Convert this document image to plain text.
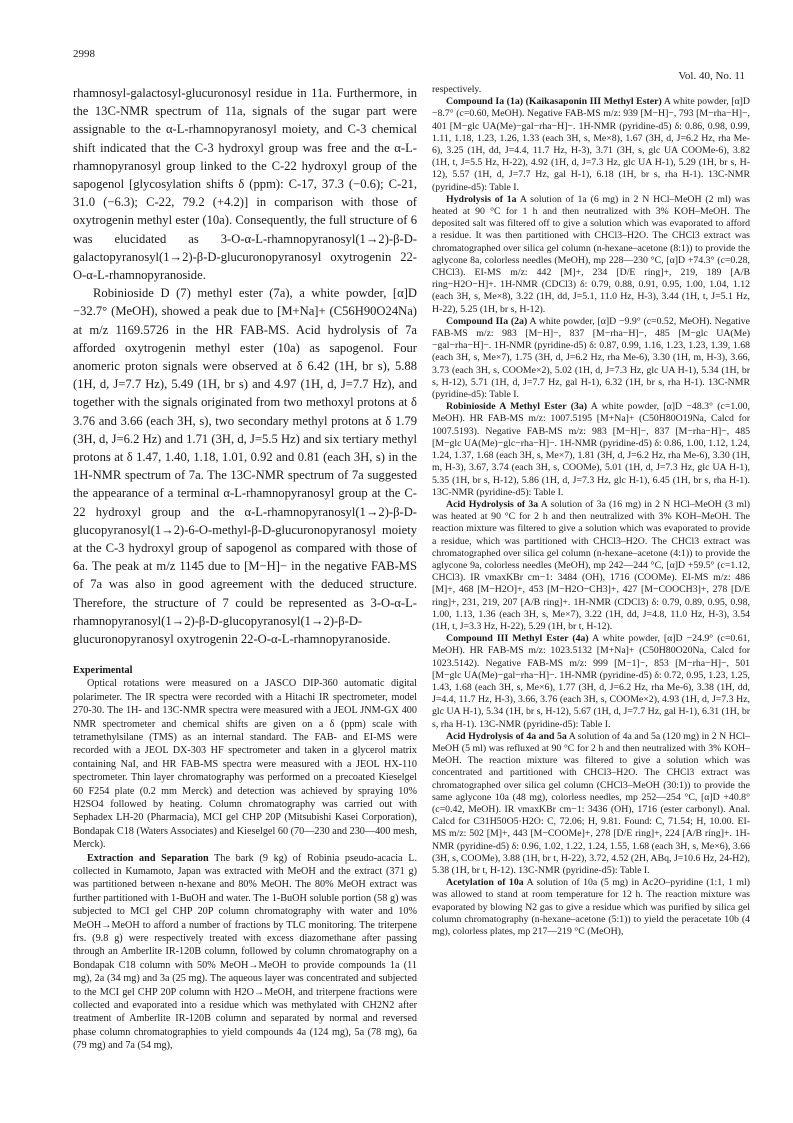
2998
Vol. 40, No. 11

rhamnosyl-galactosyl-glucuronosyl residue in 11a. Furthermore, in the 13C-NMR spectrum of 11a, signals of the sugar part were assignable to the α-L-rhamnopyranosyl moiety, and C-3 chemical shift indicated that the C-3 hydroxyl group was free and the α-L-rhamnopyranosyl group linked to the C-22 hydroxyl group of the sapogenol [glycosylation shifts δ (ppm): C-17, 37.3 (−0.6); C-21, 31.0 (−6.3); C-22, 79.2 (+4.2)] in comparison with those of oxytrogenin methyl ester (10a). Consequently, the full structure of 6 was elucidated as 3-O-α-L-rhamnopyranosyl(1→2)-β-D-galactopyranosyl(1→2)-β-D-glucuronopyranosyl oxytrogenin 22-O-α-L-rhamnopyranoside.

Robinioside D (7) methyl ester (7a), a white powder, [α]D −32.7° (MeOH), showed a peak due to [M+Na]+ (C56H90O24Na) at m/z 1169.5726 in the HR FAB-MS. Acid hydrolysis of 7a afforded oxytrogenin methyl ester (10a) as sapogenol. Four anomeric proton signals were observed at δ 6.42 (1H, br s), 5.88 (1H, d, J=7.7 Hz), 5.49 (1H, br s) and 4.97 (1H, d, J=7.7 Hz), and together with the signals originated from two methoxyl protons at δ 3.76 and 3.66 (each 3H, s), two secondary methyl protons at δ 1.79 (3H, d, J=6.2 Hz) and 1.71 (3H, d, J=5.5 Hz) and six tertiary methyl protons at δ 1.47, 1.40, 1.18, 1.01, 0.92 and 0.81 (each 3H, s) in the 1H-NMR spectrum of 7a. The 13C-NMR spectrum of 7a suggested the appearance of a terminal α-L-rhamnopyranosyl group at the C-22 hydroxyl group and the α-L-rhamnopyranosyl(1→2)-β-D-glucopyranosyl(1→2)-6-O-methyl-β-D-glucuronopyranosyl moiety at the C-3 hydroxyl group of sapogenol as compared with those of 6a. The peak at m/z 1145 due to [M−H]− in the negative FAB-MS of 7a was also in good agreement with the deduced structure. Therefore, the structure of 7 could be represented as 3-O-α-L-rhamnopyranosyl(1→2)-β-D-glucopyranosyl(1→2)-β-D-glucuronopyranosyl oxytrogenin 22-O-α-L-rhamnopyranoside.

Experimental

Optical rotations were measured on a JASCO DIP-360 automatic digital polarimeter. The IR spectra were recorded with a Hitachi IR spectrometer, model 270-30. The 1H- and 13C-NMR spectra were measured with a JEOL JNM-GX 400 NMR spectrometer and chemical shifts are given on a δ (ppm) scale with tetramethylsilane (TMS) as an internal standard. The FAB- and EI-MS were recorded with a JEOL DX-303 HF spectrometer and taken in a glycerol matrix containing NaI, and HR FAB-MS spectra were measured with a JEOL HX-110 spectrometer. Thin layer chromatography was performed on a precoated Kieselgel 60 F254 plate (0.2 mm Merck) and detection was achieved by spraying 10% H2SO4 followed by heating. Column chromatography was carried out with Sephadex LH-20 (Pharmacia), MCI gel CHP 20P (Mitsubishi Kasei Corporation), Bondapak C18 (Waters Associates) and Kieselgel 60 (70—230 and 230—400 mesh, Merck).

Extraction and Separation The bark (9 kg) of Robinia pseudo-acacia L. collected in Kumamoto, Japan was extracted with MeOH and the extract (371 g) was partitioned between n-hexane and 80% MeOH. The 80% MeOH extract was further partitioned with 1-BuOH and water. The 1-BuOH soluble portion (58 g) was subjected to MCI gel CHP 20P column chromatography with water and 10% MeOH→MeOH to afford a number of fractions by TLC monitoring. The triterpene frs. (9.8 g) were respectively treated with excess diazomethane after passing through an Amberlite IR-120B column, followed by column chromatography on a Bondapak C18 column with 50% MeOH→MeOH to provide compounds 1a (11 mg), 2a (34 mg) and 3a (25 mg). The aqueous layer was concentrated and subjected to the MCI gel CHP 20P column with H2O→MeOH, and triterpene fractions were collected and evaporated into a residue which was methylated with CH2N2 after treatment of Amberlite IR-120B column and separated by normal and reversed phase column chromatographies to yield compounds 4a (124 mg), 5a (78 mg), 6a (79 mg) and 7a (54 mg),

respectively.

Compound Ia (1a) (Kaikasaponin III Methyl Ester) A white powder, [α]D −8.7° (c=0.60, MeOH). Negative FAB-MS m/z: 939 [M−H]−, 793 [M−rha−H]−, 401 [M−glc UA(Me)−gal−rha−H]−. 1H-NMR (pyridine-d5) δ: 0.86, 0.98, 0.99, 1.11, 1.18, 1.23, 1.26, 1.33 (each 3H, s, Me×8), 1.67 (3H, d, J=6.2 Hz, rha Me-6), 3.25 (1H, dd, J=4.4, 11.7 Hz, H-3), 3.71 (3H, s, glc UA COOMe-6), 3.82 (1H, t, J=5.5 Hz, H-22), 4.92 (1H, d, J=7.3 Hz, glc UA H-1), 5.29 (1H, br s, H-12), 5.57 (1H, d, J=7.7 Hz, gal H-1), 6.18 (1H, br s, rha H-1). 13C-NMR (pyridine-d5): Table I.

Hydrolysis of 1a A solution of 1a (6 mg) in 2 N HCl–MeOH (2 ml) was heated at 90 °C for 1 h and then neutralized with 3% KOH–MeOH. The deposited salt was filtered off to give a solution which was evaporated to afford a residue. It was then partitioned with CHCl3–H2O. The CHCl3 extract was chromatographed over silica gel column (n-hexane–acetone (8:1)) to provide the aglycone 8a, colorless needles (MeOH), mp 228—230 °C, [α]D +74.3° (c=0.28, CHCl3). EI-MS m/z: 442 [M]+, 234 [D/E ring]+, 219, 189 [A/B ring−H2O−H]+. 1H-NMR (CDCl3) δ: 0.79, 0.88, 0.91, 0.95, 1.00, 1.04, 1.12 (each 3H, s, Me×8), 3.22 (1H, dd, J=5.1, 11.0 Hz, H-3), 3.44 (1H, t, J=5.1 Hz, H-22), 5.25 (1H, br s, H-12).

Compound IIa (2a) A white powder, [α]D −9.9° (c=0.52, MeOH). Negative FAB-MS m/z: 983 [M−H]−, 837 [M−rha−H]−, 485 [M−glc UA(Me)−gal−rha−H]−. 1H-NMR (pyridine-d5) δ: 0.87, 0.99, 1.16, 1.23, 1.23, 1.39, 1.68 (each 3H, s, Me×7), 1.75 (3H, d, J=6.2 Hz, rha Me-6), 3.30 (1H, m, H-3), 3.66, 3.73 (each 3H, s, COOMe×2), 5.02 (1H, d, J=7.3 Hz, glc UA H-1), 5.34 (1H, br s, H-12), 5.71 (1H, d, J=7.7 Hz, gal H-1), 6.32 (1H, br s, rha H-1). 13C-NMR (pyridine-d5): Table I.

Robinioside A Methyl Ester (3a) A white powder, [α]D −48.3° (c=1.00, MeOH). HR FAB-MS m/z: 1007.5195 [M+Na]+ (C50H80O19Na, Calcd for 1007.5193). Negative FAB-MS m/z: 983 [M−H]−, 837 [M−rha−H]−, 485 [M−glc UA(Me)−glc−rha−H]−. 1H-NMR (pyridine-d5) δ: 0.86, 1.00, 1.12, 1.24, 1.24, 1.37, 1.68 (each 3H, s, Me×7), 1.81 (3H, d, J=6.2 Hz, rha Me-6), 3.30 (1H, m, H-3), 3.67, 3.74 (each 3H, s, COOMe), 5.01 (1H, d, J=7.3 Hz, glc UA H-1), 5.35 (1H, br s, H-12), 5.86 (1H, d, J=7.3 Hz, glc H-1), 6.45 (1H, br s, rha H-1). 13C-NMR (pyridine-d5): Table I.

Acid Hydrolysis of 3a A solution of 3a (16 mg) in 2 N HCl–MeOH (3 ml) was heated at 90 °C for 2 h and then neutralized with 3% KOH–MeOH. The reaction mixture was filtered to give a solution which was evaporated to provide a residue, which was partitioned with CHCl3–H2O. The CHCl3 extract was chromatographed over silica gel column (n-hexane–acetone (4:1)) to provide the aglycone 9a, colorless needles (MeOH), mp 242—244 °C, [α]D +59.5° (c=1.12, CHCl3). IR νmaxKBr cm−1: 3484 (OH), 1716 (COOMe). EI-MS m/z: 486 [M]+, 468 [M−H2O]+, 453 [M−H2O−CH3]+, 427 [M−COOCH3]+, 278 [D/E ring]+, 231, 219, 207 [A/B ring]+. 1H-NMR (CDCl3) δ: 0.79, 0.89, 0.95, 0.98, 1.00, 1.13, 1.36 (each 3H, s, Me×7), 3.22 (1H, dd, J=4.8, 11.0 Hz, H-3), 3.54 (1H, t, J=3.3 Hz, H-22), 5.29 (1H, br t, H-12).

Compound III Methyl Ester (4a) A white powder, [α]D −24.9° (c=0.61, MeOH). HR FAB-MS m/z: 1023.5132 [M+Na]+ (C50H80O20Na, Calcd for 1023.5142). Negative FAB-MS m/z: 999 [M−1]−, 853 [M−rha−H]−, 501 [M−glc UA(Me)−gal−rha−H]−. 1H-NMR (pyridine-d5) δ: 0.72, 0.95, 1.23, 1.25, 1.43, 1.68 (each 3H, s, Me×6), 1.77 (3H, d, J=6.2 Hz, rha Me-6), 3.38 (1H, dd, J=4.4, 11.7 Hz, H-3), 3.66, 3.76 (each 3H, s, COOMe×2), 4.93 (1H, d, J=7.3 Hz, glc UA H-1), 5.34 (1H, br s, H-12), 5.67 (1H, d, J=7.7 Hz, gal H-1), 6.31 (1H, br s, rha H-1). 13C-NMR (pyridine-d5): Table I.

Acid Hydrolysis of 4a and 5a A solution of 4a and 5a (120 mg) in 2 N HCl–MeOH (5 ml) was refluxed at 90 °C for 2 h and then neutralized with 3% KOH–MeOH. The reaction mixture was filtered to give a solution which was concentrated and partitioned with CHCl3–H2O. The CHCl3 extract was chromatographed over silica gel column (CHCl3–MeOH (30:1)) to provide the same aglycone 10a (48 mg), colorless needles, mp 252—254 °C, [α]D +40.8° (c=0.42, MeOH). IR νmaxKBr cm−1: 3436 (OH), 1716 (ester carbonyl). Anal. Calcd for C31H50O5·H2O: C, 72.06; H, 9.81. Found: C, 71.54; H, 10.00. EI-MS m/z: 502 [M]+, 443 [M−COOMe]+, 278 [D/E ring]+, 224 [A/B ring]+. 1H-NMR (pyridine-d5) δ: 0.96, 1.02, 1.22, 1.24, 1.55, 1.68 (each 3H, s, Me×6), 3.66 (3H, s, COOMe), 3.88 (1H, br t, H-22), 3.72, 4.52 (2H, ABq, J=10.6 Hz, 24-H2), 5.38 (1H, br t, H-12). 13C-NMR (pyridine-d5): Table I.

Acetylation of 10a A solution of 10a (5 mg) in Ac2O–pyridine (1:1, 1 ml) was allowed to stand at room temperature for 12 h. The reaction mixture was evaporated by blowing N2 gas to give a residue which was purified by silica gel column chromatography (n-hexane–acetone (5:1)) to yield the peracetate 10b (4 mg), colorless plates, mp 217—219 °C (MeOH),
